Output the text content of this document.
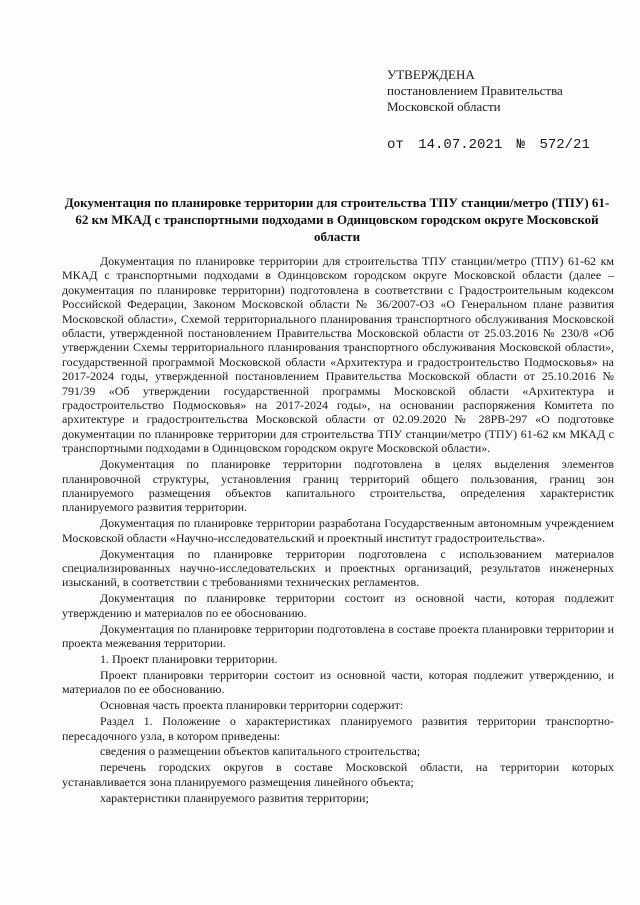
УТВЕРЖДЕНА
постановлением Правительства
Московской области
от 14.07.2021 № 572/21
Документация по планировке территории для строительства ТПУ станции/метро (ТПУ) 61-62 км МКАД с транспортными подходами в Одинцовском городском округе Московской области

Документация по планировке территории для строительства ТПУ станции/метро (ТПУ) 61-62 км МКАД с транспортными подходами в Одинцовском городском округе Московской области (далее – документация по планировке территории) подготовлена в соответствии с Градостроительным кодексом Российской Федерации, Законом Московской области № 36/2007-ОЗ «О Генеральном плане развития Московской области», Схемой территориального планирования транспортного обслуживания Московской области, утвержденной постановлением Правительства Московской области от 25.03.2016 № 230/8 «Об утверждении Схемы территориального планирования транспортного обслуживания Московской области», государственной программой Московской области «Архитектура и градостроительство Подмосковья» на 2017-2024 годы, утвержденной постановлением Правительства Московской области от 25.10.2016 № 791/39 «Об утверждении государственной программы Московской области «Архитектура и градостроительство Подмосковья» на 2017-2024 годы», на основании распоряжения Комитета по архитектуре и градостроительства Московской области от 02.09.2020 № 28РВ-297 «О подготовке документации по планировке территории для строительства ТПУ станции/метро (ТПУ) 61-62 км МКАД с транспортными подходами в Одинцовском городском округе Московской области».

Документация по планировке территории подготовлена в целях выделения элементов планировочной структуры, установления границ территорий общего пользования, границ зон планируемого размещения объектов капитального строительства, определения характеристик планируемого развития территории.

Документация по планировке территории разработана Государственным автономным учреждением Московской области «Научно-исследовательский и проектный институт градостроительства».

Документация по планировке территории подготовлена с использованием материалов специализированных научно-исследовательских и проектных организаций, результатов инженерных изысканий, в соответствии с требованиями технических регламентов.

Документация по планировке территории состоит из основной части, которая подлежит утверждению и материалов по ее обоснованию.

Документация по планировке территории подготовлена в составе проекта планировки территории и проекта межевания территории.

1. Проект планировки территории.

Проект планировки территории состоит из основной части, которая подлежит утверждению, и материалов по ее обоснованию.

Основная часть проекта планировки территории содержит:

Раздел 1. Положение о характеристиках планируемого развития территории транспортно-пересадочного узла, в котором приведены:

сведения о размещении объектов капитального строительства;

перечень городских округов в составе Московской области, на территории которых устанавливается зона планируемого размещения линейного объекта;

характеристики планируемого развития территории;
